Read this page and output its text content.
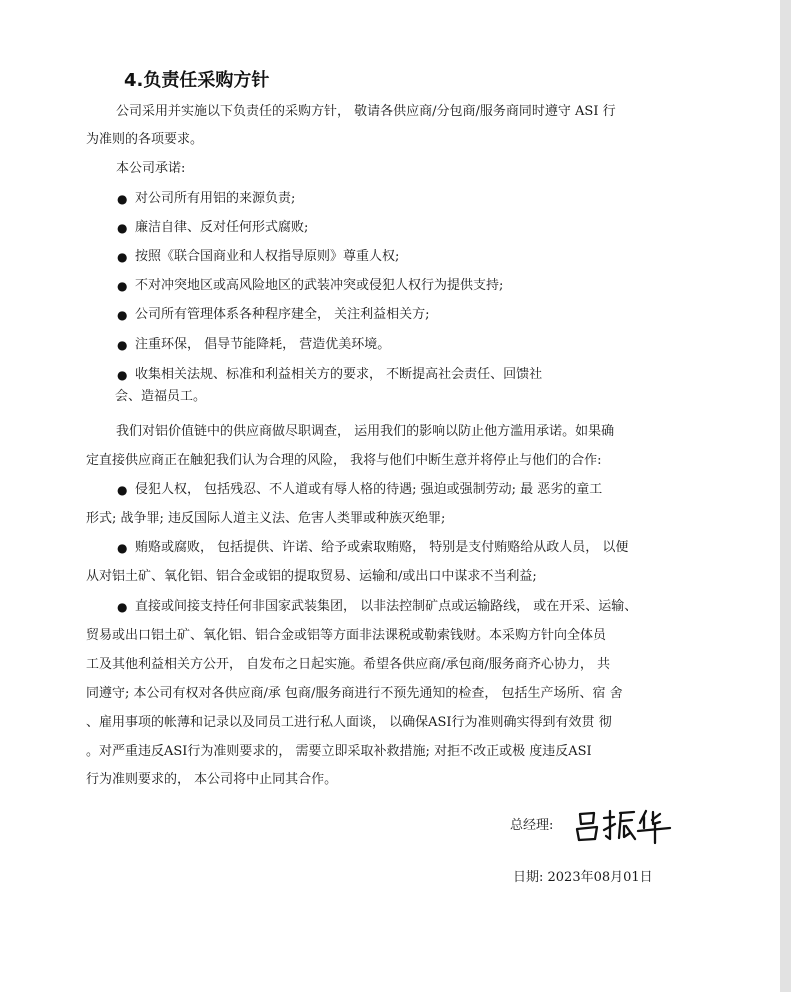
4.负责任采购方针
公司采用并实施以下负责任的采购方针， 敬请各供应商/分包商/服务商同时遵守 ASI 行
为准则的各项要求。
本公司承诺:
● 对公司所有用铝的来源负责;
● 廉洁自律、反对任何形式腐败;
● 按照《联合国商业和人权指导原则》尊重人权;
● 不对冲突地区或高风险地区的武装冲突或侵犯人权行为提供支持;
● 公司所有管理体系各种程序建全， 关注利益相关方;
● 注重环保， 倡导节能降耗， 营造优美环境。
● 收集相关法规、标准和利益相关方的要求， 不断提高社会责任、回馈社
会、造福员工。
我们对铝价值链中的供应商做尽职调查， 运用我们的影响以防止他方滥用承诺。如果确
定直接供应商正在触犯我们认为合理的风险， 我将与他们中断生意并将停止与他们的合作:
● 侵犯人权， 包括残忍、不人道或有辱人格的待遇; 强迫或强制劳动; 最 恶劣的童工
形式; 战争罪; 违反国际人道主义法、危害人类罪或种族灭绝罪;
● 贿赂或腐败， 包括提供、许诺、给予或索取贿赂， 特别是支付贿赂给从政人员， 以便
从对铝土矿、氧化铝、铝合金或铝的提取贸易、运输和/或出口中谋求不当利益;
● 直接或间接支持任何非国家武装集团， 以非法控制矿点或运输路线， 或在开采、运输、
贸易或出口铝土矿、氧化铝、铝合金或铝等方面非法课税或勒索钱财。本采购方针向全体员
工及其他利益相关方公开， 自发布之日起实施。希望各供应商/承包商/服务商齐心协力， 共
同遵守; 本公司有权对各供应商/承 包商/服务商进行不预先通知的检查， 包括生产场所、宿 舍
、雇用事项的帐薄和记录以及同员工进行私人面谈， 以确保ASI行为准则确实得到有效贯 彻
。对严重违反ASI行为准则要求的， 需要立即采取补救措施; 对拒不改正或极 度违反ASI
行为准则要求的， 本公司将中止同其合作。
总经理:
日期: 2023年08月01日
